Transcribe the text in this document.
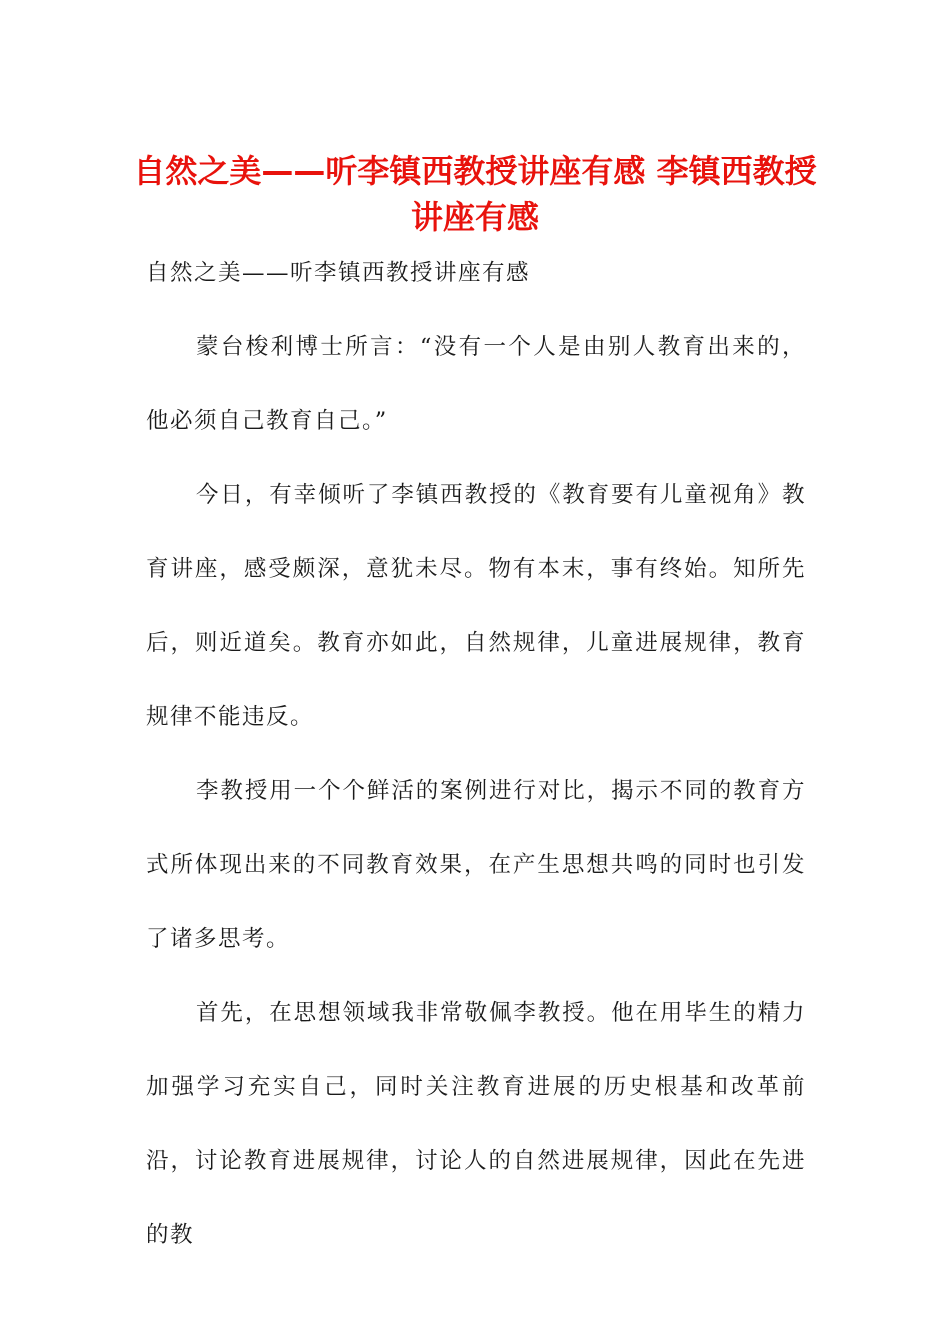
自然之美——听李镇西教授讲座有感 李镇西教授讲座有感

自然之美——听李镇西教授讲座有感

蒙台梭利博士所言：“没有一个人是由别人教育出来的，他必须自己教育自己。”

今日，有幸倾听了李镇西教授的《教育要有儿童视角》教育讲座，感受颇深，意犹未尽。物有本末，事有终始。知所先后，则近道矣。教育亦如此，自然规律，儿童进展规律，教育规律不能违反。

李教授用一个个鲜活的案例进行对比，揭示不同的教育方式所体现出来的不同教育效果，在产生思想共鸣的同时也引发了诸多思考。

首先，在思想领域我非常敬佩李教授。他在用毕生的精力加强学习充实自己，同时关注教育进展的历史根基和改革前沿，讨论教育进展规律，讨论人的自然进展规律，因此在先进的教
